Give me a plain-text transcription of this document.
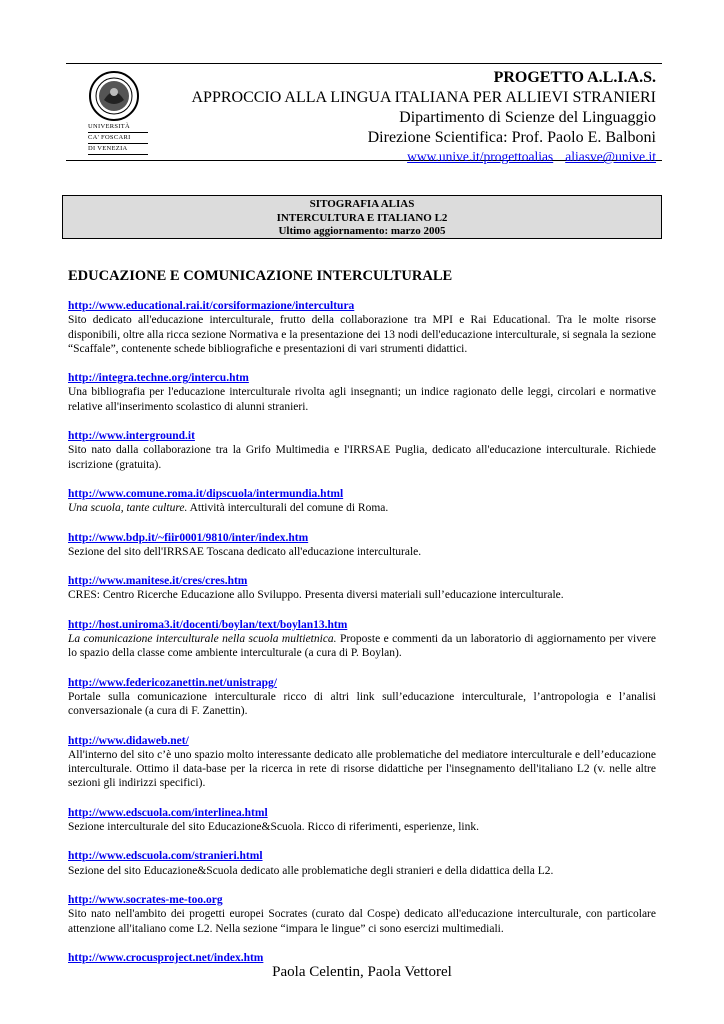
UNIVERSITÀ
CA' FOSCARI
DI VENEZIA
PROGETTO A.L.I.A.S.
APPROCCIO ALLA LINGUA ITALIANA PER ALLIEVI STRANIERI
Dipartimento di Scienze del Linguaggio
Direzione Scientifica: Prof. Paolo E. Balboni
www.unive.it/progettoalias aliasve@unive.it
SITOGRAFIA ALIAS
INTERCULTURA E ITALIANO L2
Ultimo aggiornamento: marzo 2005
EDUCAZIONE E COMUNICAZIONE INTERCULTURALE
http://www.educational.rai.it/corsiformazione/intercultura
Sito dedicato all'educazione interculturale, frutto della collaborazione tra MPI e Rai Educational. Tra le molte risorse disponibili, oltre alla ricca sezione Normativa e la presentazione dei 13 nodi dell'educazione interculturale, si segnala la sezione “Scaffale”, contenente schede bibliografiche e presentazioni di vari strumenti didattici.
http://integra.techne.org/intercu.htm
Una bibliografia per l'educazione interculturale rivolta agli insegnanti; un indice ragionato delle leggi, circolari e normative relative all'inserimento scolastico di alunni stranieri.
http://www.interground.it
Sito nato dalla collaborazione tra la Grifo Multimedia e l'IRRSAE Puglia, dedicato all'educazione interculturale. Richiede iscrizione (gratuita).
http://www.comune.roma.it/dipscuola/intermundia.html
Una scuola, tante culture. Attività interculturali del comune di Roma.
http://www.bdp.it/~fiir0001/9810/inter/index.htm
Sezione del sito dell'IRRSAE Toscana dedicato all'educazione interculturale.
http://www.manitese.it/cres/cres.htm
CRES: Centro Ricerche Educazione allo Sviluppo. Presenta diversi materiali sull’educazione interculturale.
http://host.uniroma3.it/docenti/boylan/text/boylan13.htm
La comunicazione interculturale nella scuola multietnica. Proposte e commenti da un laboratorio di aggiornamento per vivere lo spazio della classe come ambiente interculturale (a cura di P. Boylan).
http://www.federicozanettin.net/unistrapg/
Portale sulla comunicazione interculturale ricco di altri link sull’educazione interculturale, l’antropologia e l’analisi conversazionale (a cura di F. Zanettin).
http://www.didaweb.net/
All'interno del sito c’è uno spazio molto interessante dedicato alle problematiche del mediatore interculturale e dell’educazione interculturale. Ottimo il data-base per la ricerca in rete di risorse didattiche per l'insegnamento dell'italiano L2 (v. nelle altre sezioni gli indirizzi specifici).
http://www.edscuola.com/interlinea.html
Sezione interculturale del sito Educazione&Scuola. Ricco di riferimenti, esperienze, link.
http://www.edscuola.com/stranieri.html
Sezione del sito Educazione&Scuola dedicato alle problematiche degli stranieri e della didattica della L2.
http://www.socrates-me-too.org
Sito nato nell'ambito dei progetti europei Socrates (curato dal Cospe) dedicato all'educazione interculturale, con particolare attenzione all'italiano come L2. Nella sezione “impara le lingue” ci sono esercizi multimediali.
http://www.crocusproject.net/index.htm
Paola Celentin, Paola Vettorel
